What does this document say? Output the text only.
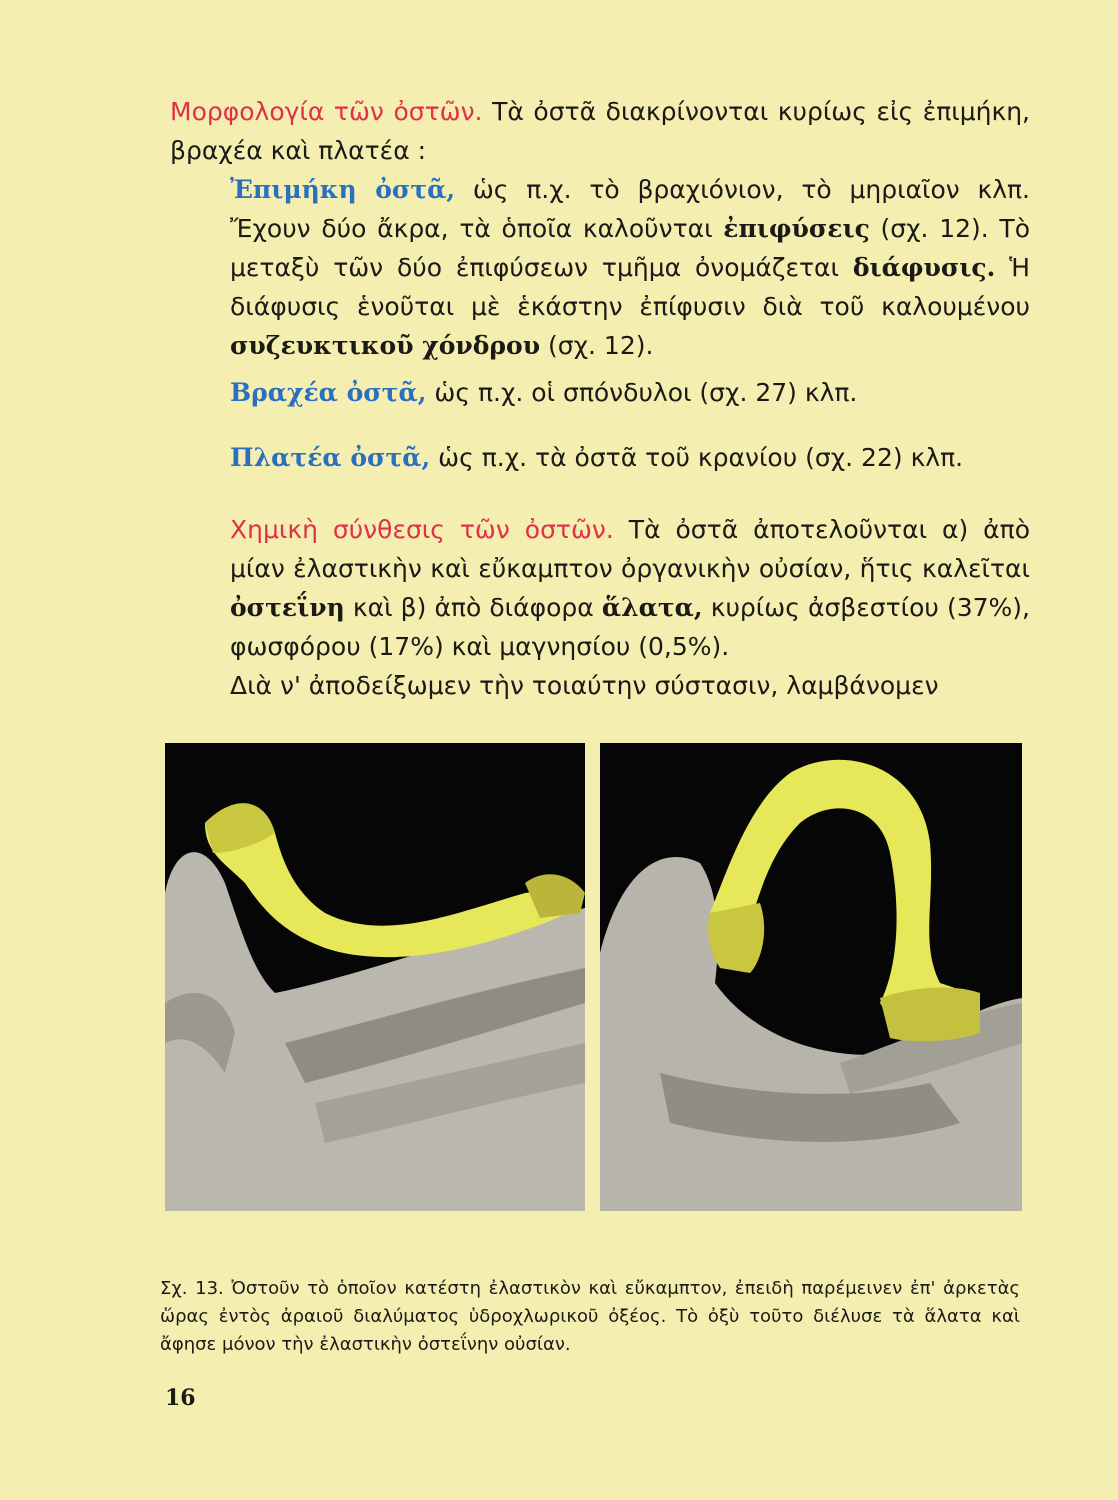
Μορφολογία τῶν ὀστῶν. Τὰ ὀστᾶ διακρίνονται κυρίως εἰς ἐπιμήκη, βραχέα καὶ πλατέα :

Ἐπιμήκη ὀστᾶ, ὡς π.χ. τὸ βραχιόνιον, τὸ μηριαῖον κλπ. Ἔχουν δύο ἄκρα, τὰ ὁποῖα καλοῦνται ἐπιφύσεις (σχ. 12). Τὸ μεταξὺ τῶν δύο ἐπιφύσεων τμῆμα ὀνομάζεται διάφυσις. Ἡ διάφυσις ἑνοῦται μὲ ἑκάστην ἐπίφυσιν διὰ τοῦ καλουμένου συζευκτικοῦ χόνδρου (σχ. 12).

Βραχέα ὀστᾶ, ὡς π.χ. οἱ σπόνδυλοι (σχ. 27) κλπ.
Πλατέα ὀστᾶ, ὡς π.χ. τὰ ὀστᾶ τοῦ κρανίου (σχ. 22) κλπ.

Χημικὴ σύνθεσις τῶν ὀστῶν. Τὰ ὀστᾶ ἀποτελοῦνται α) ἀπὸ μίαν ἐλαστικὴν καὶ εὔκαμπτον ὀργανικὴν οὐσίαν, ἥτις καλεῖται ὀστεΐνη καὶ β) ἀπὸ διάφορα ἅλατα, κυρίως ἀσβεστίου (37%), φωσφόρου (17%) καὶ μαγνησίου (0,5%).

Διὰ ν' ἀποδείξωμεν τὴν τοιαύτην σύστασιν, λαμβάνομεν

Σχ. 13. Ὀστοῦν τὸ ὁποῖον κατέστη ἐλαστικὸν καὶ εὔκαμπτον, ἐπειδὴ παρέμεινεν ἐπ' ἀρκετὰς ὥρας ἐντὸς ἀραιοῦ διαλύματος ὑδροχλωρικοῦ ὀξέος. Τὸ ὀξὺ τοῦτο διέλυσε τὰ ἅλατα καὶ ἄφησε μόνον τὴν ἐλαστικὴν ὀστεΐνην οὐσίαν.
16
